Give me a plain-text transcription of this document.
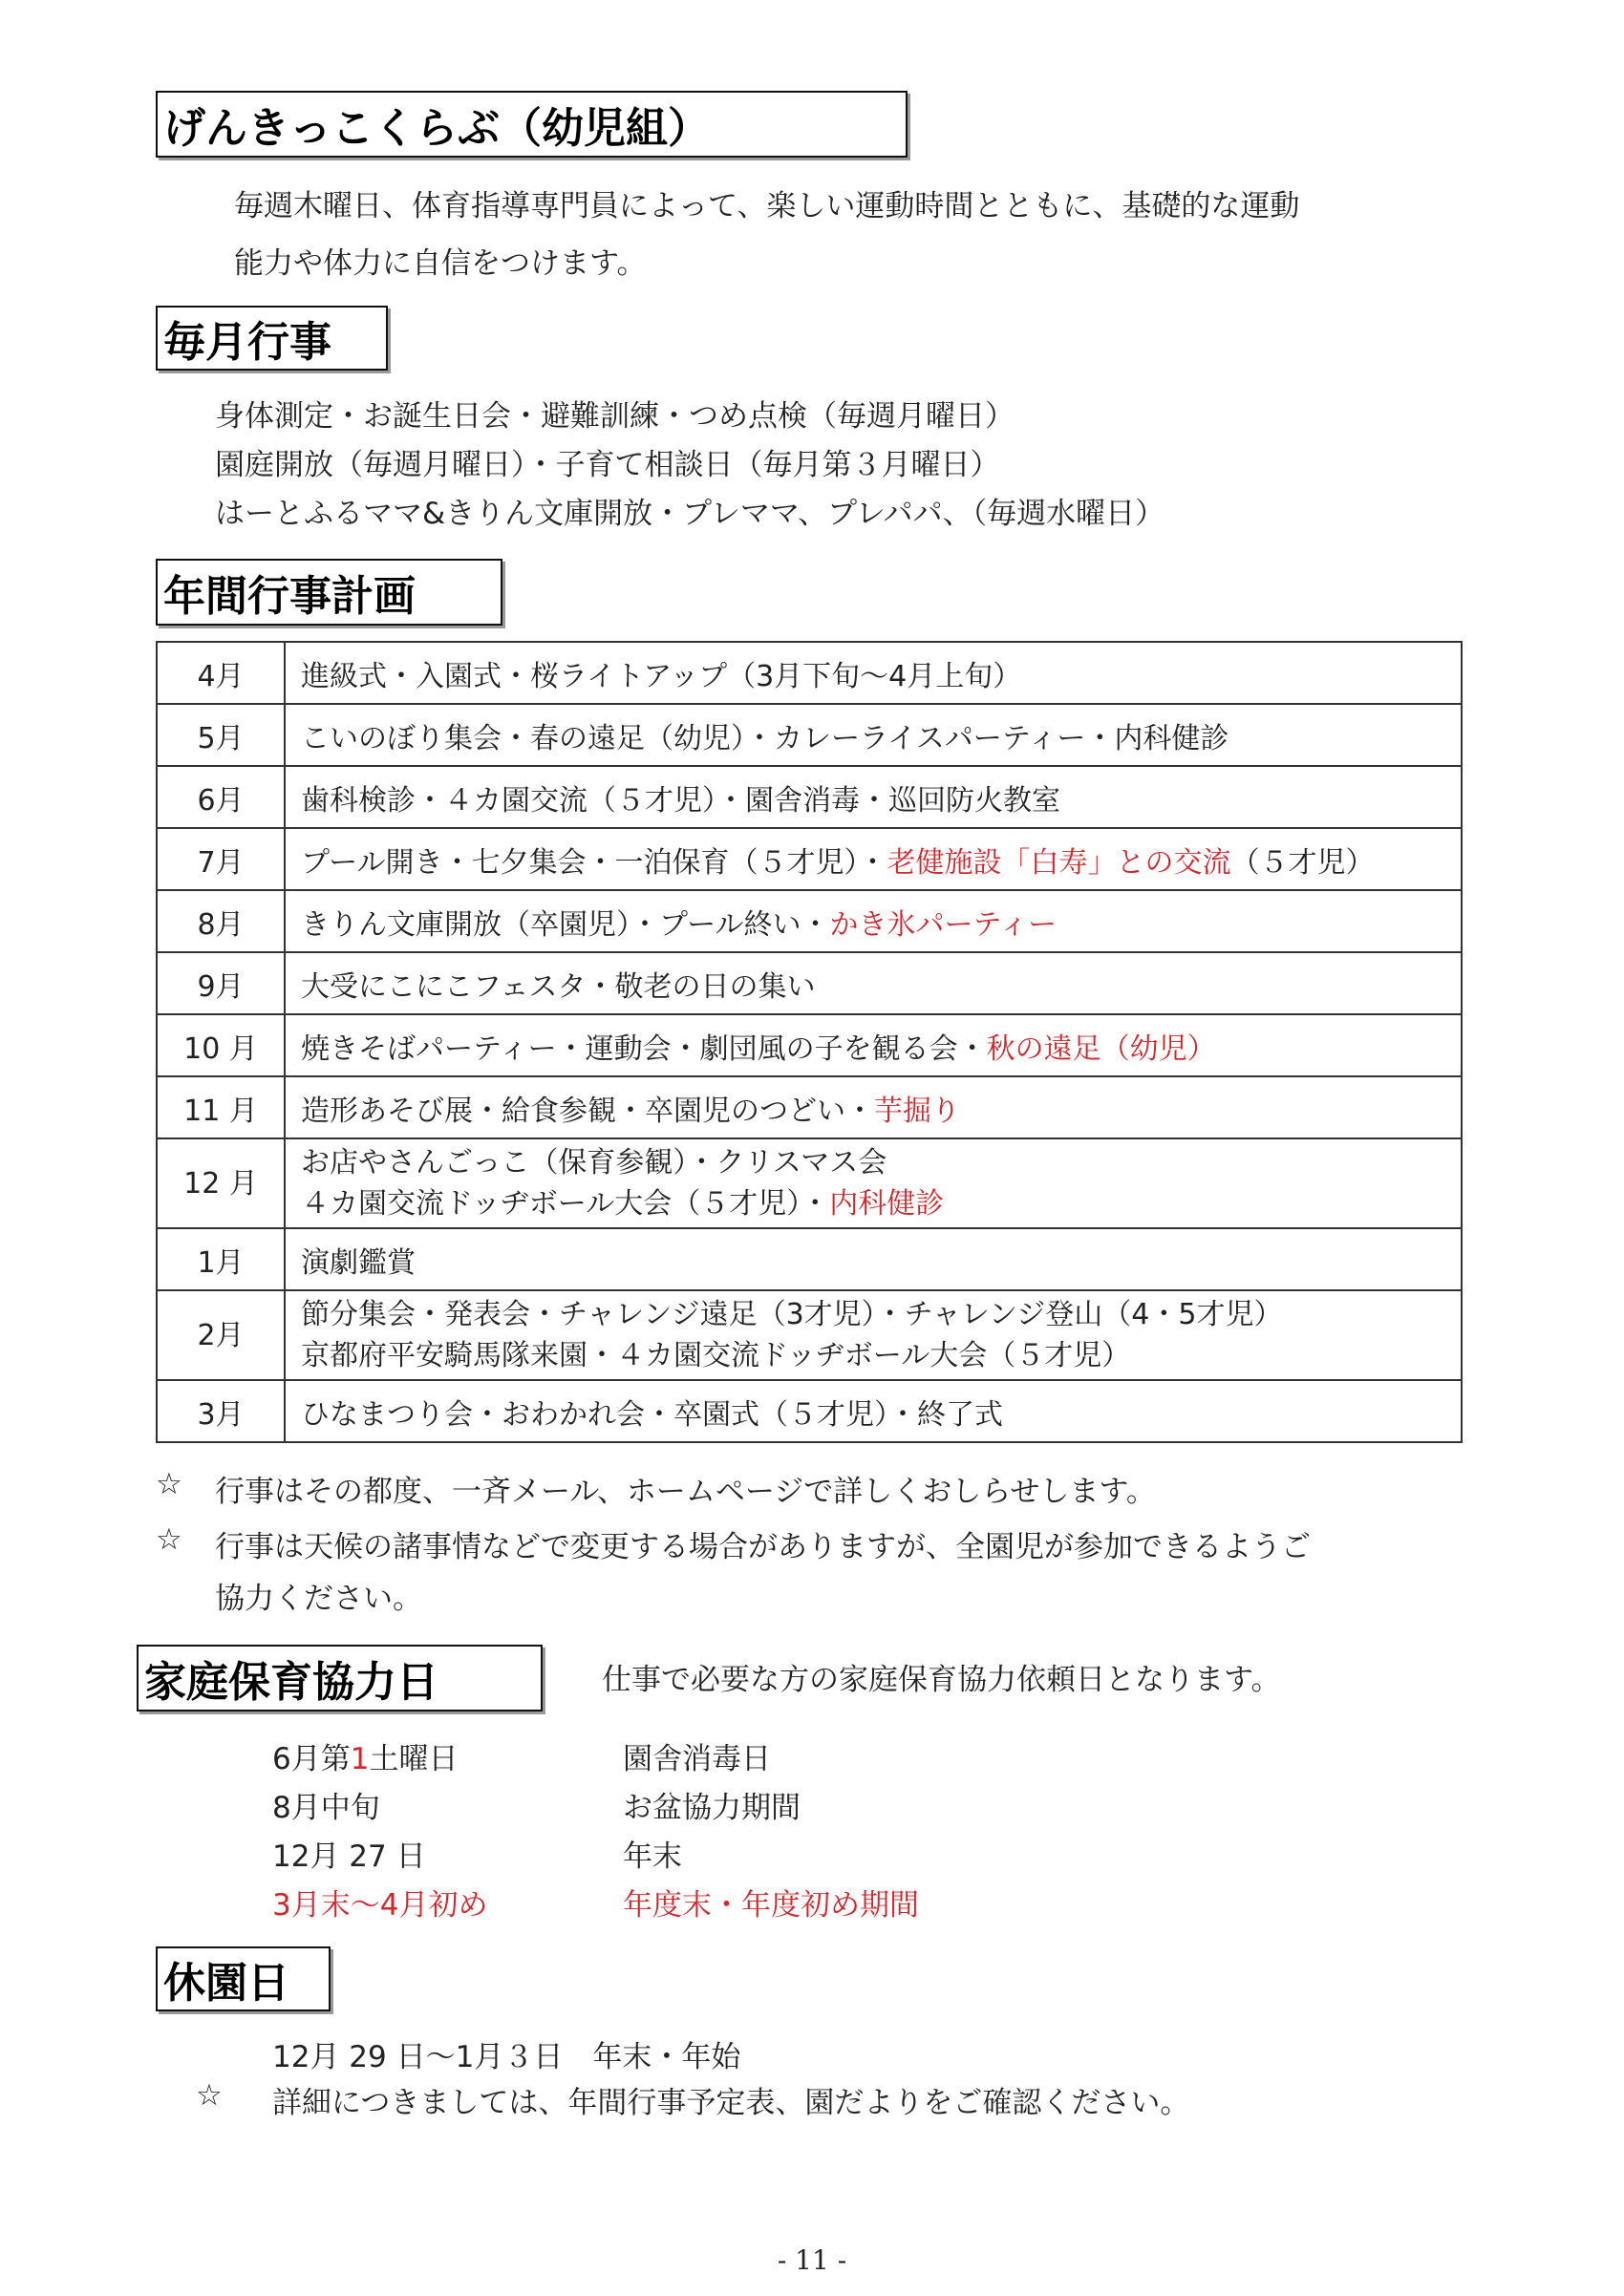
げんきっこくらぶ（幼児組）
毎週木曜日、体育指導専門員によって、楽しい運動時間とともに、基礎的な運動
能力や体力に自信をつけます。
毎月行事
身体測定・お誕生日会・避難訓練・つめ点検（毎週月曜日）
園庭開放（毎週月曜日）・子育て相談日（毎月第３月曜日）
はーとふるママ&きりん文庫開放・プレママ、プレパパ、（毎週水曜日）
年間行事計画
4月	進級式・入園式・桜ライトアップ（3月下旬〜4月上旬）
5月	こいのぼり集会・春の遠足（幼児）・カレーライスパーティー・内科健診
6月	歯科検診・４カ園交流（５才児）・園舎消毒・巡回防火教室
7月	プール開き・七夕集会・一泊保育（５才児）・老健施設「白寿」との交流（５才児）
8月	きりん文庫開放（卒園児）・プール終い・かき氷パーティー
9月	大受にこにこフェスタ・敬老の日の集い
10 月	焼きそばパーティー・運動会・劇団風の子を観る会・秋の遠足（幼児）
11 月	造形あそび展・給食参観・卒園児のつどい・芋掘り
12 月	お店やさんごっこ（保育参観）・クリスマス会
４カ園交流ドッヂボール大会（５才児）・内科健診

1月	演劇鑑賞
2月	節分集会・発表会・チャレンジ遠足（3才児）・チャレンジ登山（4・5才児）
京都府平安騎馬隊来園・４カ園交流ドッヂボール大会（５才児）

3月	ひなまつり会・おわかれ会・卒園式（５才児）・終了式
☆ 行事はその都度、一斉メール、ホームページで詳しくおしらせします。
☆ 行事は天候の諸事情などで変更する場合がありますが、全園児が参加できるようご
協力ください。
家庭保育協力日	仕事で必要な方の家庭保育協力依頼日となります。
6月第1土曜日	園舎消毒日
8月中旬	お盆協力期間
12月 27 日	年末
3月末〜4月初め	年度末・年度初め期間
休園日
12月 29 日〜1月３日　年末・年始
☆ 詳細につきましては、年間行事予定表、園だよりをご確認ください。
- 11 -
